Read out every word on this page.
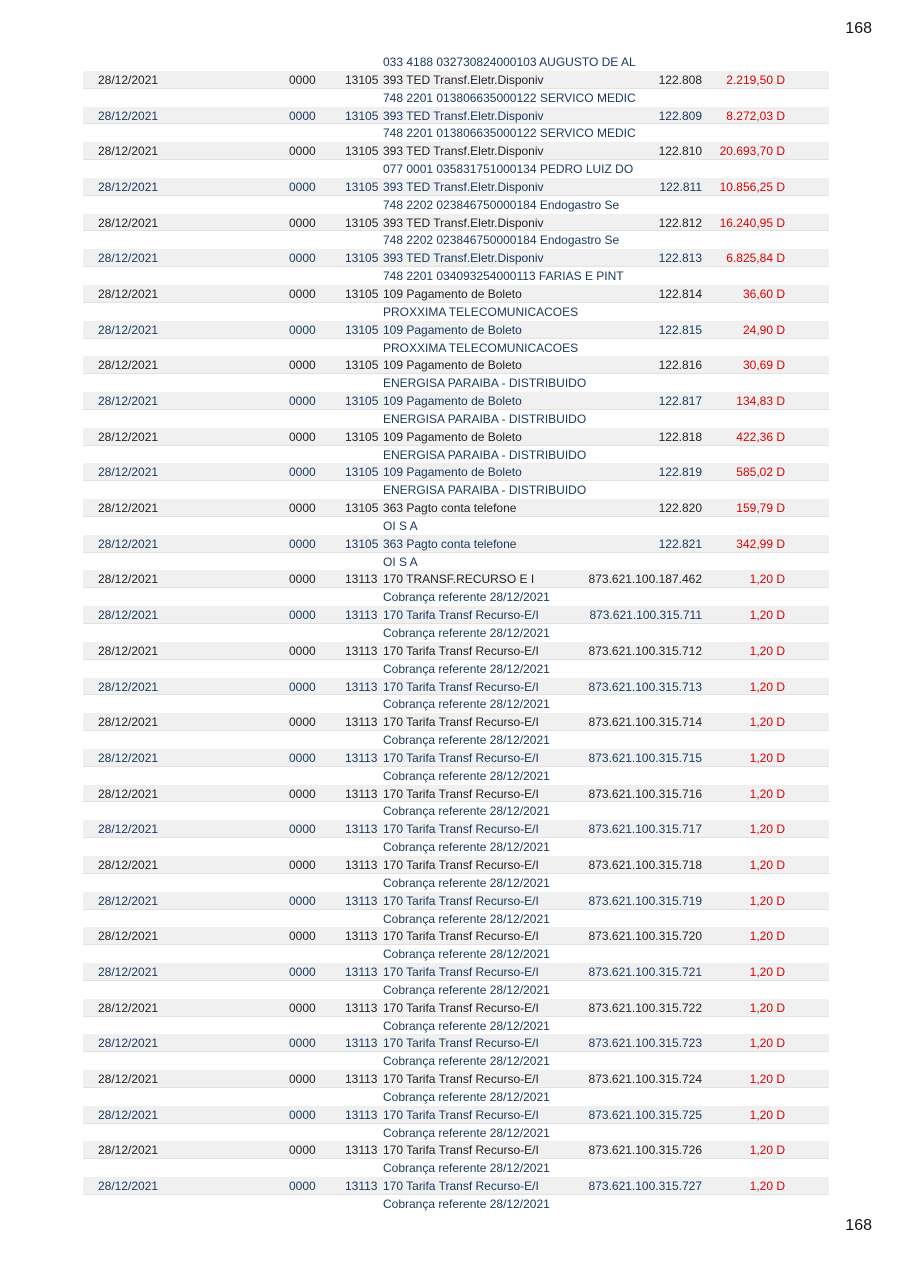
168
033 4188 032730824000103 AUGUSTO DE AL
28/12/2021	0000 13105 393 TED Transf.Eletr.Disponiv	122.808 2.219,50 D
748 2201 013806635000122 SERVICO MEDIC
28/12/2021	0000 13105 393 TED Transf.Eletr.Disponiv	122.809 8.272,03 D
748 2201 013806635000122 SERVICO MEDIC
28/12/2021	0000 13105 393 TED Transf.Eletr.Disponiv	122.810 20.693,70 D
077 0001 035831751000134 PEDRO LUIZ DO
28/12/2021	0000 13105 393 TED Transf.Eletr.Disponiv	122.811 10.856,25 D
748 2202 023846750000184 Endogastro Se
28/12/2021	0000 13105 393 TED Transf.Eletr.Disponiv	122.812 16.240,95 D
748 2202 023846750000184 Endogastro Se
28/12/2021	0000 13105 393 TED Transf.Eletr.Disponiv	122.813 6.825,84 D
748 2201 034093254000113 FARIAS E PINT
28/12/2021	0000 13105 109 Pagamento de Boleto	122.814	36,60 D
PROXXIMA TELECOMUNICACOES
28/12/2021	0000 13105 109 Pagamento de Boleto	122.815	24,90 D
PROXXIMA TELECOMUNICACOES
28/12/2021	0000 13105 109 Pagamento de Boleto	122.816	30,69 D
ENERGISA PARAIBA - DISTRIBUIDO
28/12/2021	0000 13105 109 Pagamento de Boleto	122.817	134,83 D
ENERGISA PARAIBA - DISTRIBUIDO
28/12/2021	0000 13105 109 Pagamento de Boleto	122.818	422,36 D
ENERGISA PARAIBA - DISTRIBUIDO
28/12/2021	0000 13105 109 Pagamento de Boleto	122.819	585,02 D
ENERGISA PARAIBA - DISTRIBUIDO
28/12/2021	0000 13105 363 Pagto conta telefone	122.820	159,79 D
OI S A
28/12/2021	0000 13105 363 Pagto conta telefone	122.821	342,99 D
OI S A
28/12/2021	0000 13113 170 TRANSF.RECURSO E I	873.621.100.187.462	1,20 D
Cobrança referente 28/12/2021
28/12/2021	0000 13113 170 Tarifa Transf Recurso-E/I	873.621.100.315.711	1,20 D
Cobrança referente 28/12/2021
28/12/2021	0000 13113 170 Tarifa Transf Recurso-E/I	873.621.100.315.712	1,20 D
Cobrança referente 28/12/2021
28/12/2021	0000 13113 170 Tarifa Transf Recurso-E/I	873.621.100.315.713	1,20 D
Cobrança referente 28/12/2021
28/12/2021	0000 13113 170 Tarifa Transf Recurso-E/I	873.621.100.315.714	1,20 D
Cobrança referente 28/12/2021
28/12/2021	0000 13113 170 Tarifa Transf Recurso-E/I	873.621.100.315.715	1,20 D
Cobrança referente 28/12/2021
28/12/2021	0000 13113 170 Tarifa Transf Recurso-E/I	873.621.100.315.716	1,20 D
Cobrança referente 28/12/2021
28/12/2021	0000 13113 170 Tarifa Transf Recurso-E/I	873.621.100.315.717	1,20 D
Cobrança referente 28/12/2021
28/12/2021	0000 13113 170 Tarifa Transf Recurso-E/I	873.621.100.315.718	1,20 D
Cobrança referente 28/12/2021
28/12/2021	0000 13113 170 Tarifa Transf Recurso-E/I	873.621.100.315.719	1,20 D
Cobrança referente 28/12/2021
28/12/2021	0000 13113 170 Tarifa Transf Recurso-E/I	873.621.100.315.720	1,20 D
Cobrança referente 28/12/2021
28/12/2021	0000 13113 170 Tarifa Transf Recurso-E/I	873.621.100.315.721	1,20 D
Cobrança referente 28/12/2021
28/12/2021	0000 13113 170 Tarifa Transf Recurso-E/I	873.621.100.315.722	1,20 D
Cobrança referente 28/12/2021
28/12/2021	0000 13113 170 Tarifa Transf Recurso-E/I	873.621.100.315.723	1,20 D
Cobrança referente 28/12/2021
28/12/2021	0000 13113 170 Tarifa Transf Recurso-E/I	873.621.100.315.724	1,20 D
Cobrança referente 28/12/2021
28/12/2021	0000 13113 170 Tarifa Transf Recurso-E/I	873.621.100.315.725	1,20 D
Cobrança referente 28/12/2021
28/12/2021	0000 13113 170 Tarifa Transf Recurso-E/I	873.621.100.315.726	1,20 D
Cobrança referente 28/12/2021
28/12/2021	0000 13113 170 Tarifa Transf Recurso-E/I	873.621.100.315.727	1,20 D
Cobrança referente 28/12/2021
168
